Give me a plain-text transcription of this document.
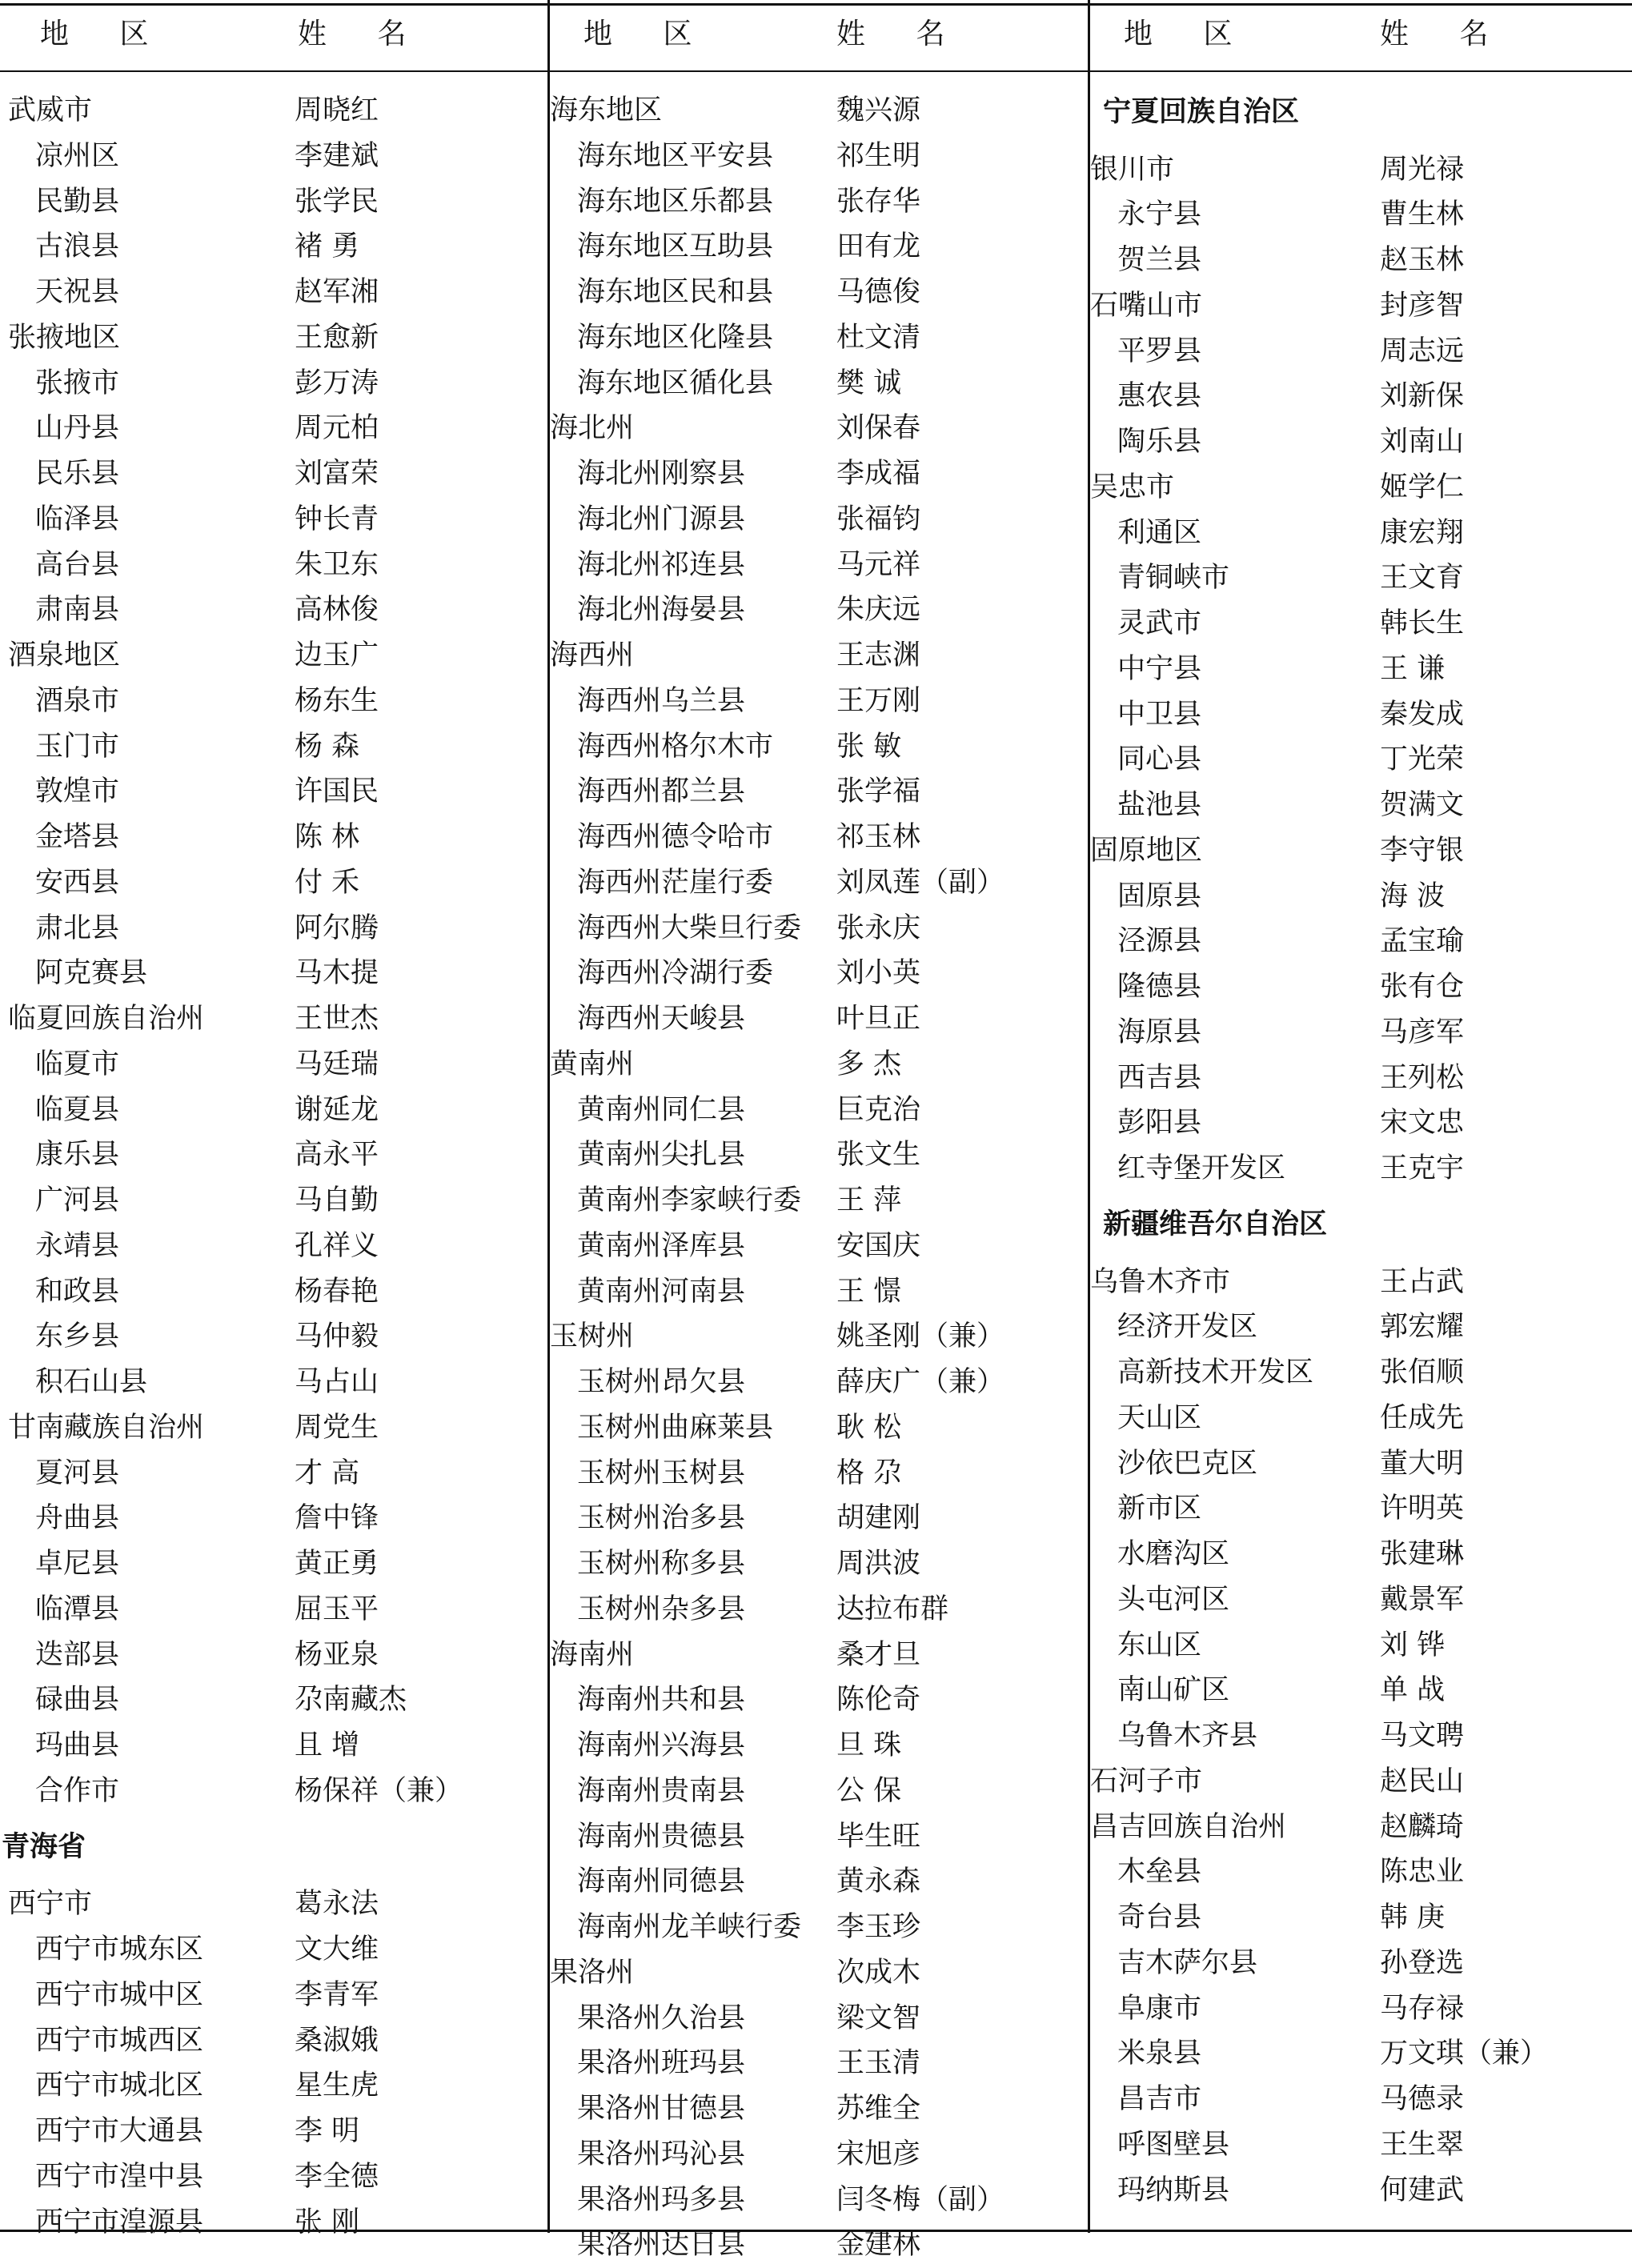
地 区	姓 名
武威市	周晓红
凉州区	李建斌
民勤县	张学民
古浪县	褚 勇
天祝县	赵军湘
张掖地区	王愈新
张掖市	彭万涛
山丹县	周元柏
民乐县	刘富荣
临泽县	钟长青
高台县	朱卫东
肃南县	高林俊
酒泉地区	边玉广
酒泉市	杨东生
玉门市	杨 森
敦煌市	许国民
金塔县	陈 林
安西县	付 禾
肃北县	阿尔腾
阿克赛县	马木提
临夏回族自治州	王世杰
临夏市	马廷瑞
临夏县	谢延龙
康乐县	高永平
广河县	马自勤
永靖县	孔祥义
和政县	杨春艳
东乡县	马仲毅
积石山县	马占山
甘南藏族自治州	周党生
夏河县	才 高
舟曲县	詹中锋
卓尼县	黄正勇
临潭县	屈玉平
迭部县	杨亚泉
碌曲县	尕南藏杰
玛曲县	且 增
合作市	杨保祥（兼）
青海省
西宁市	葛永法
西宁市城东区	文大维
西宁市城中区	李青军
西宁市城西区	桑淑娥
西宁市城北区	星生虎
西宁市大通县	李 明
西宁市湟中县	李全德
西宁市湟源县	张 刚
地 区	姓 名
海东地区	魏兴源
海东地区平安县 祁生明
海东地区乐都县 张存华
海东地区互助县 田有龙
海东地区民和县 马德俊
海东地区化隆县 杜文清
海东地区循化县 樊 诚
海北州	刘保春
海北州刚察县	李成福
海北州门源县	张福钧
海北州祁连县	马元祥
海北州海晏县	朱庆远
海西州	王志渊
海西州乌兰县	王万刚
海西州格尔木市 张 敏
海西州都兰县	张学福
海西州德令哈市 祁玉林
海西州茫崖行委 刘凤莲（副）
海西州大柴旦行委 张永庆
海西州冷湖行委 刘小英
海西州天峻县	叶旦正
黄南州	多 杰
黄南州同仁县	巨克治
黄南州尖扎县	张文生
黄南州李家峡行委 王 萍
黄南州泽库县	安国庆
黄南州河南县	王 憬
玉树州	姚圣刚（兼）
玉树州昂欠县	薛庆广（兼）
玉树州曲麻莱县 耿 松
玉树州玉树县	格 尕
玉树州治多县	胡建刚
玉树州称多县	周洪波
玉树州杂多县	达拉布群
海南州	桑才旦
海南州共和县	陈伦奇
海南州兴海县	旦 珠
海南州贵南县	公 保
海南州贵德县	毕生旺
海南州同德县	黄永森
海南州龙羊峡行委 李玉珍
果洛州	次成木
果洛州久治县	梁文智
果洛州班玛县	王玉清
果洛州甘德县	苏维全
果洛州玛沁县	宋旭彦
果洛州玛多县	闫冬梅（副）
果洛州达日县	金建林
地 区	姓 名
宁夏回族自治区
银川市	周光禄
永宁县	曹生林
贺兰县	赵玉林
石嘴山市	封彦智
平罗县	周志远
惠农县	刘新保
陶乐县	刘南山
吴忠市	姬学仁
利通区	康宏翔
青铜峡市	王文育
灵武市	韩长生
中宁县	王 谦
中卫县	秦发成
同心县	丁光荣
盐池县	贺满文
固原地区	李守银
固原县	海 波
泾源县	孟宝瑜
隆德县	张有仓
海原县	马彦军
西吉县	王列松
彭阳县	宋文忠
红寺堡开发区	王克宇
新疆维吾尔自治区
乌鲁木齐市	王占武
经济开发区	郭宏耀
高新技术开发区 张佰顺
天山区	任成先
沙依巴克区	董大明
新市区	许明英
水磨沟区	张建琳
头屯河区	戴景军
东山区	刘 铧
南山矿区	单 战
乌鲁木齐县	马文聘
石河子市	赵民山
昌吉回族自治州	赵麟琦
木垒县	陈忠业
奇台县	韩 庚
吉木萨尔县	孙登选
阜康市	马存禄
米泉县	万文琪（兼）
昌吉市	马德录
呼图壁县	王生翠
玛纳斯县	何建武
